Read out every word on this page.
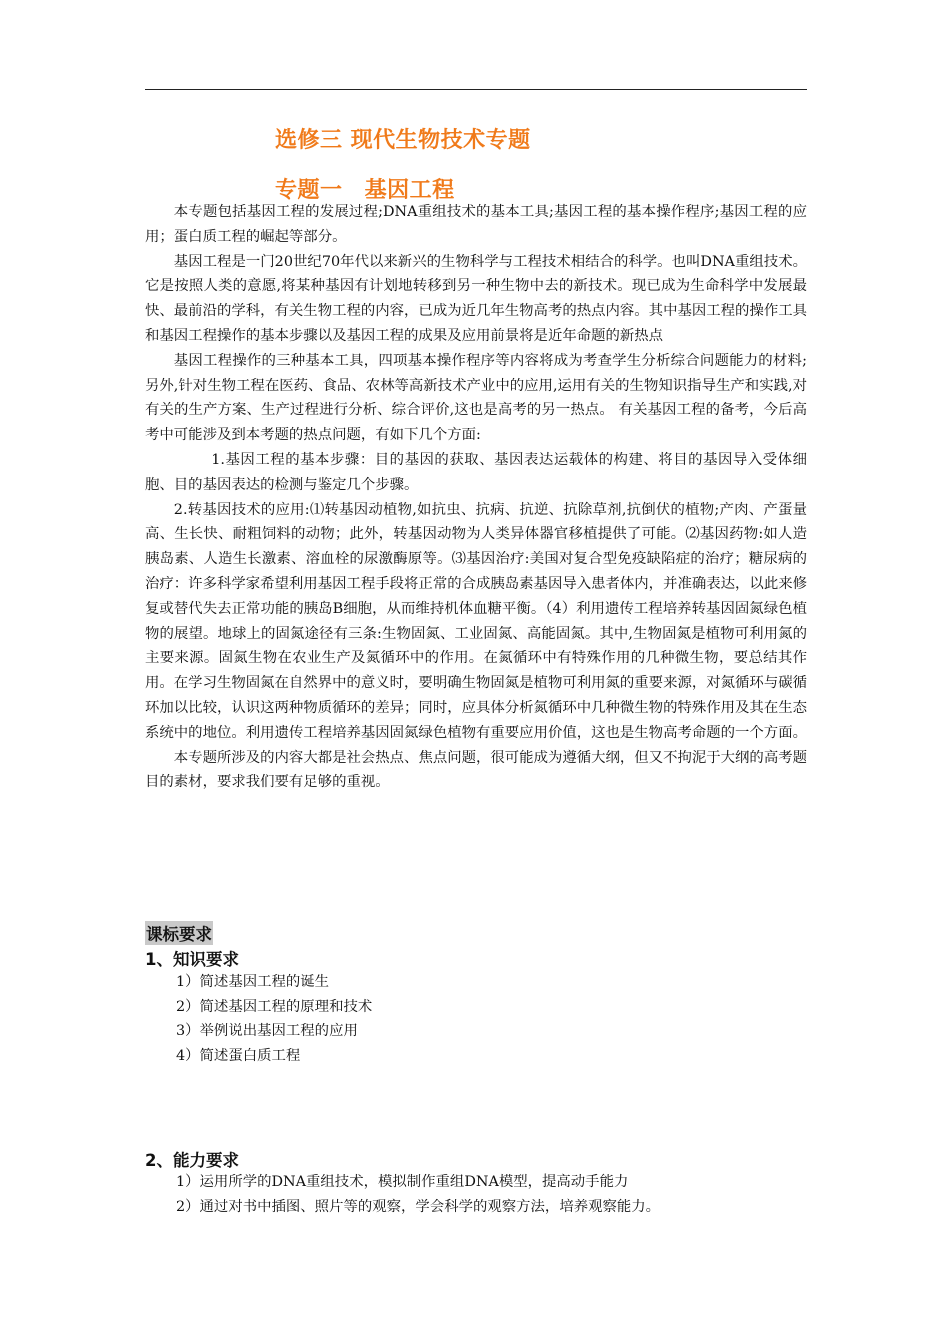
选修三 现代生物技术专题
专题一 基因工程

本专题包括基因工程的发展过程;DNA重组技术的基本工具;基因工程的基本操作程序;基因工程的应用；蛋白质工程的崛起等部分。

基因工程是一门20世纪70年代以来新兴的生物科学与工程技术相结合的科学。也叫DNA重组技术。它是按照人类的意愿,将某种基因有计划地转移到另一种生物中去的新技术。现已成为生命科学中发展最快、最前沿的学科，有关生物工程的内容，已成为近几年生物高考的热点内容。其中基因工程的操作工具和基因工程操作的基本步骤以及基因工程的成果及应用前景将是近年命题的新热点

基因工程操作的三种基本工具，四项基本操作程序等内容将成为考查学生分析综合问题能力的材料;另外,针对生物工程在医药、食品、农林等高新技术产业中的应用,运用有关的生物知识指导生产和实践,对有关的生产方案、生产过程进行分析、综合评价,这也是高考的另一热点。 有关基因工程的备考，今后高考中可能涉及到本考题的热点问题，有如下几个方面:

1.基因工程的基本步骤：目的基因的获取、基因表达运载体的构建、将目的基因导入受体细胞、目的基因表达的检测与鉴定几个步骤。

2.转基因技术的应用:⑴转基因动植物,如抗虫、抗病、抗逆、抗除草剂,抗倒伏的植物;产肉、产蛋量高、生长快、耐粗饲料的动物；此外，转基因动物为人类异体器官移植提供了可能。⑵基因药物:如人造胰岛素、人造生长激素、溶血栓的尿激酶原等。⑶基因治疗:美国对复合型免疫缺陷症的治疗；糖尿病的治疗：许多科学家希望利用基因工程手段将正常的合成胰岛素基因导入患者体内，并准确表达，以此来修复或替代失去正常功能的胰岛B细胞，从而维持机体血糖平衡。（4）利用遗传工程培养转基因固氮绿色植物的展望。地球上的固氮途径有三条:生物固氮、工业固氮、高能固氮。其中,生物固氮是植物可利用氮的主要来源。固氮生物在农业生产及氮循环中的作用。在氮循环中有特殊作用的几种微生物，要总结其作用。在学习生物固氮在自然界中的意义时，要明确生物固氮是植物可利用氮的重要来源，对氮循环与碳循环加以比较，认识这两种物质循环的差异；同时，应具体分析氮循环中几种微生物的特殊作用及其在生态系统中的地位。利用遗传工程培养基因固氮绿色植物有重要应用价值，这也是生物高考命题的一个方面。

本专题所涉及的内容大都是社会热点、焦点问题，很可能成为遵循大纲，但又不拘泥于大纲的高考题目的素材，要求我们要有足够的重视。

课标要求
1、知识要求
1）简述基因工程的诞生
2）简述基因工程的原理和技术
3）举例说出基因工程的应用
4）简述蛋白质工程
2、能力要求
1）运用所学的DNA重组技术，模拟制作重组DNA模型，提高动手能力
2）通过对书中插图、照片等的观察，学会科学的观察方法，培养观察能力。
